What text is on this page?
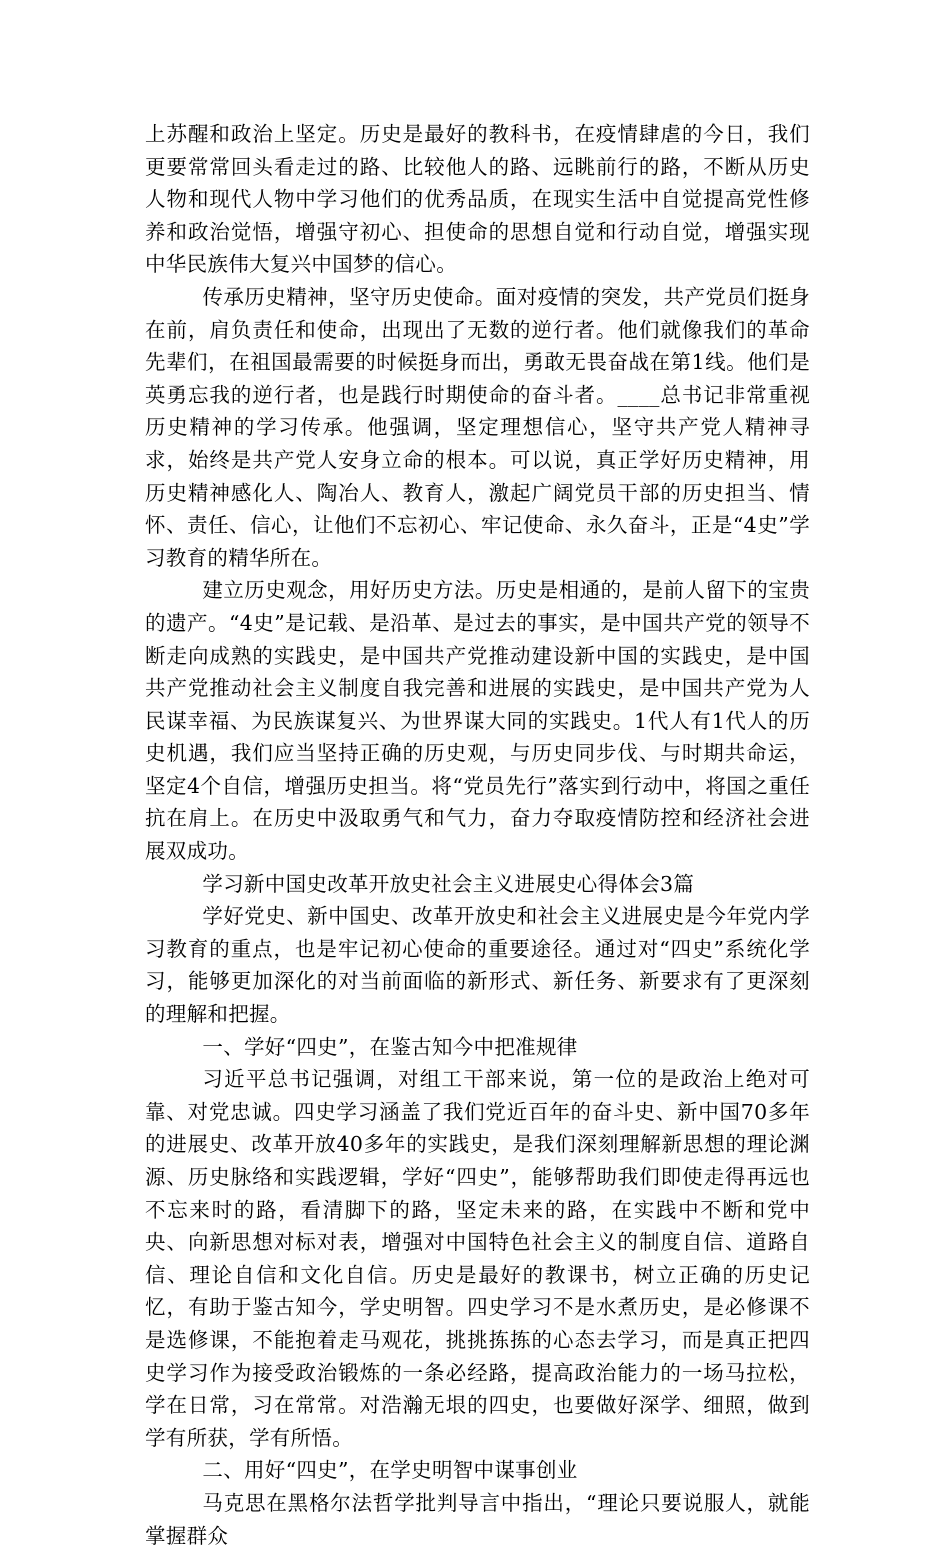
上苏醒和政治上坚定。历史是最好的教科书，在疫情肆虐的今日，我们更要常常回头看走过的路、比较他人的路、远眺前行的路，不断从历史人物和现代人物中学习他们的优秀品质，在现实生活中自觉提高党性修养和政治觉悟，增强守初心、担使命的思想自觉和行动自觉，增强实现中华民族伟大复兴中国梦的信心。

传承历史精神，坚守历史使命。面对疫情的突发，共产党员们挺身在前，肩负责任和使命，出现出了无数的逆行者。他们就像我们的革命先辈们，在祖国最需要的时候挺身而出，勇敢无畏奋战在第1线。他们是英勇忘我的逆行者，也是践行时期使命的奋斗者。____总书记非常重视历史精神的学习传承。他强调，坚定理想信心，坚守共产党人精神寻求，始终是共产党人安身立命的根本。可以说，真正学好历史精神，用历史精神感化人、陶冶人、教育人，激起广阔党员干部的历史担当、情怀、责任、信心，让他们不忘初心、牢记使命、永久奋斗，正是“4史”学习教育的精华所在。

建立历史观念，用好历史方法。历史是相通的，是前人留下的宝贵的遗产。“4史”是记载、是沿革、是过去的事实，是中国共产党的领导不断走向成熟的实践史，是中国共产党推动建设新中国的实践史，是中国共产党推动社会主义制度自我完善和进展的实践史，是中国共产党为人民谋幸福、为民族谋复兴、为世界谋大同的实践史。1代人有1代人的历史机遇，我们应当坚持正确的历史观，与历史同步伐、与时期共命运，坚定4个自信，增强历史担当。将“党员先行”落实到行动中，将国之重任抗在肩上。在历史中汲取勇气和气力，奋力夺取疫情防控和经济社会进展双成功。

学习新中国史改革开放史社会主义进展史心得体会3篇

学好党史、新中国史、改革开放史和社会主义进展史是今年党内学习教育的重点，也是牢记初心使命的重要途径。通过对“四史”系统化学习，能够更加深化的对当前面临的新形式、新任务、新要求有了更深刻的理解和把握。

一、学好“四史”，在鉴古知今中把准规律

习近平总书记强调，对组工干部来说，第一位的是政治上绝对可靠、对党忠诚。四史学习涵盖了我们党近百年的奋斗史、新中国70多年的进展史、改革开放40多年的实践史，是我们深刻理解新思想的理论渊源、历史脉络和实践逻辑，学好“四史”，能够帮助我们即使走得再远也不忘来时的路，看清脚下的路，坚定未来的路，在实践中不断和党中央、向新思想对标对表，增强对中国特色社会主义的制度自信、道路自信、理论自信和文化自信。历史是最好的教课书，树立正确的历史记忆，有助于鉴古知今，学史明智。四史学习不是水煮历史，是必修课不是选修课，不能抱着走马观花，挑挑拣拣的心态去学习，而是真正把四史学习作为接受政治锻炼的一条必经路，提高政治能力的一场马拉松，学在日常，习在常常。对浩瀚无垠的四史，也要做好深学、细照，做到学有所获，学有所悟。

二、用好“四史”，在学史明智中谋事创业

马克思在黑格尔法哲学批判导言中指出，“理论只要说服人，就能掌握群众
